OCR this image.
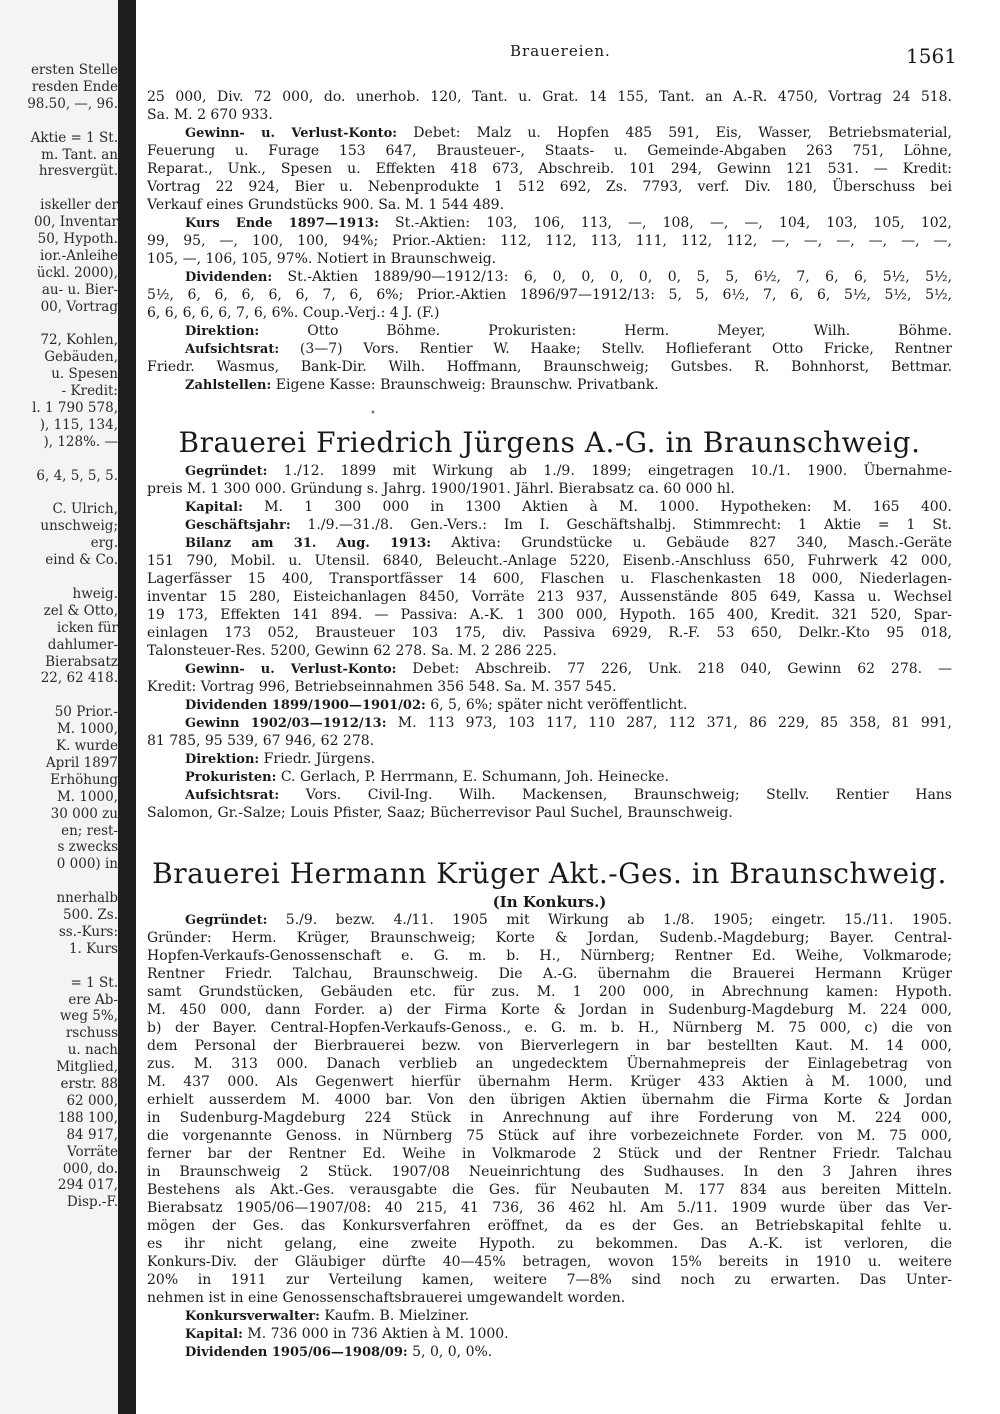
ersten Stelle
resden Ende
98.50, —, 96.
Aktie = 1 St.
m. Tant. an
hresvergüt.
iskeller der
00, Inventar
50, Hypoth.
ior.-Anleihe
ückl. 2000),
au- u. Bier-
00, Vortrag
72, Kohlen,
Gebäuden,
u. Spesen
- Kredit:
l. 1 790 578,
), 115, 134,
), 128%. —
6, 4, 5, 5, 5.
C. Ulrich,
unschweig;
erg.
eind & Co.
hweig.
zel & Otto,
icken für
dahlumer-
Bierabsatz
22, 62 418.
50 Prior.-
M. 1000,
K. wurde
April 1897
Erhöhung
M. 1000,
30 000 zu
en; rest-
s zwecks
0 000) in
nnerhalb
500. Zs.
ss.-Kurs:
1. Kurs
= 1 St.
ere Ab-
weg 5%,
rschuss
u. nach
Mitglied,
erstr. 88
62 000,
188 100,
84 917,
Vorräte
000, do.
294 017,
Disp.-F.
Brauereien.	1561
25 000, Div. 72 000, do. unerhob. 120, Tant. u. Grat. 14 155, Tant. an A.-R. 4750, Vortrag 24 518.
Sa. M. 2 670 933.
Gewinn- u. Verlust-Konto: Debet: Malz u. Hopfen 485 591, Eis, Wasser, Betriebsmaterial,
Feuerung u. Furage 153 647, Brausteuer-, Staats- u. Gemeinde-Abgaben 263 751, Löhne,
Reparat., Unk., Spesen u. Effekten 418 673, Abschreib. 101 294, Gewinn 121 531. — Kredit:
Vortrag 22 924, Bier u. Nebenprodukte 1 512 692, Zs. 7793, verf. Div. 180, Überschuss bei
Verkauf eines Grundstücks 900. Sa. M. 1 544 489.
Kurs Ende 1897—1913: St.-Aktien: 103, 106, 113, —, 108, —, —, 104, 103, 105, 102,
99, 95, —, 100, 100, 94%; Prior.-Aktien: 112, 112, 113, 111, 112, 112, —, —, —, —, —, —,
105, —, 106, 105, 97%. Notiert in Braunschweig.
Dividenden: St.-Aktien 1889/90—1912/13: 6, 0, 0, 0, 0, 0, 5, 5, 6½, 7, 6, 6, 5½, 5½,
5½, 6, 6, 6, 6, 6, 7, 6, 6%; Prior.-Aktien 1896/97—1912/13: 5, 5, 6½, 7, 6, 6, 5½, 5½, 5½,
6, 6, 6, 6, 6, 7, 6, 6%. Coup.-Verj.: 4 J. (F.)
Direktion: Otto Böhme. Prokuristen: Herm. Meyer, Wilh. Böhme.
Aufsichtsrat: (3—7) Vors. Rentier W. Haake; Stellv. Hoflieferant Otto Fricke, Rentner
Friedr. Wasmus, Bank-Dir. Wilh. Hoffmann, Braunschweig; Gutsbes. R. Bohnhorst, Bettmar.
Zahlstellen: Eigene Kasse: Braunschweig: Braunschw. Privatbank.
•
Brauerei Friedrich Jürgens A.-G. in Braunschweig.
Gegründet: 1./12. 1899 mit Wirkung ab 1./9. 1899; eingetragen 10./1. 1900. Übernahme-
preis M. 1 300 000. Gründung s. Jahrg. 1900/1901. Jährl. Bierabsatz ca. 60 000 hl.
Kapital: M. 1 300 000 in 1300 Aktien à M. 1000. Hypotheken: M. 165 400.
Geschäftsjahr: 1./9.—31./8. Gen.-Vers.: Im I. Geschäftshalbj. Stimmrecht: 1 Aktie = 1 St.
Bilanz am 31. Aug. 1913: Aktiva: Grundstücke u. Gebäude 827 340, Masch.-Geräte
151 790, Mobil. u. Utensil. 6840, Beleucht.-Anlage 5220, Eisenb.-Anschluss 650, Fuhrwerk 42 000,
Lagerfässer 15 400, Transportfässer 14 600, Flaschen u. Flaschenkasten 18 000, Niederlagen-
inventar 15 280, Eisteichanlagen 8450, Vorräte 213 937, Aussenstände 805 649, Kassa u. Wechsel
19 173, Effekten 141 894. — Passiva: A.-K. 1 300 000, Hypoth. 165 400, Kredit. 321 520, Spar-
einlagen 173 052, Brausteuer 103 175, div. Passiva 6929, R.-F. 53 650, Delkr.-Kto 95 018,
Talonsteuer-Res. 5200, Gewinn 62 278. Sa. M. 2 286 225.
Gewinn- u. Verlust-Konto: Debet: Abschreib. 77 226, Unk. 218 040, Gewinn 62 278. —
Kredit: Vortrag 996, Betriebseinnahmen 356 548. Sa. M. 357 545.
Dividenden 1899/1900—1901/02: 6, 5, 6%; später nicht veröffentlicht.
Gewinn 1902/03—1912/13: M. 113 973, 103 117, 110 287, 112 371, 86 229, 85 358, 81 991,
81 785, 95 539, 67 946, 62 278.
Direktion: Friedr. Jürgens.
Prokuristen: C. Gerlach, P. Herrmann, E. Schumann, Joh. Heinecke.
Aufsichtsrat: Vors. Civil-Ing. Wilh. Mackensen, Braunschweig; Stellv. Rentier Hans
Salomon, Gr.-Salze; Louis Pfister, Saaz; Bücherrevisor Paul Suchel, Braunschweig.
Brauerei Hermann Krüger Akt.-Ges. in Braunschweig.
(In Konkurs.)
Gegründet: 5./9. bezw. 4./11. 1905 mit Wirkung ab 1./8. 1905; eingetr. 15./11. 1905.
Gründer: Herm. Krüger, Braunschweig; Korte & Jordan, Sudenb.-Magdeburg; Bayer. Central-
Hopfen-Verkaufs-Genossenschaft e. G. m. b. H., Nürnberg; Rentner Ed. Weihe, Volkmarode;
Rentner Friedr. Talchau, Braunschweig. Die A.-G. übernahm die Brauerei Hermann Krüger
samt Grundstücken, Gebäuden etc. für zus. M. 1 200 000, in Abrechnung kamen: Hypoth.
M. 450 000, dann Forder. a) der Firma Korte & Jordan in Sudenburg-Magdeburg M. 224 000,
b) der Bayer. Central-Hopfen-Verkaufs-Genoss., e. G. m. b. H., Nürnberg M. 75 000, c) die von
dem Personal der Bierbrauerei bezw. von Bierverlegern in bar bestellten Kaut. M. 14 000,
zus. M. 313 000. Danach verblieb an ungedecktem Übernahmepreis der Einlagebetrag von
M. 437 000. Als Gegenwert hierfür übernahm Herm. Krüger 433 Aktien à M. 1000, und
erhielt ausserdem M. 4000 bar. Von den übrigen Aktien übernahm die Firma Korte & Jordan
in Sudenburg-Magdeburg 224 Stück in Anrechnung auf ihre Forderung von M. 224 000,
die vorgenannte Genoss. in Nürnberg 75 Stück auf ihre vorbezeichnete Forder. von M. 75 000,
ferner bar der Rentner Ed. Weihe in Volkmarode 2 Stück und der Rentner Friedr. Talchau
in Braunschweig 2 Stück. 1907/08 Neueinrichtung des Sudhauses. In den 3 Jahren ihres
Bestehens als Akt.-Ges. verausgabte die Ges. für Neubauten M. 177 834 aus bereiten Mitteln.
Bierabsatz 1905/06—1907/08: 40 215, 41 736, 36 462 hl. Am 5./11. 1909 wurde über das Ver-
mögen der Ges. das Konkursverfahren eröffnet, da es der Ges. an Betriebskapital fehlte u.
es ihr nicht gelang, eine zweite Hypoth. zu bekommen. Das A.-K. ist verloren, die
Konkurs-Div. der Gläubiger dürfte 40—45% betragen, wovon 15% bereits in 1910 u. weitere
20% in 1911 zur Verteilung kamen, weitere 7—8% sind noch zu erwarten. Das Unter-
nehmen ist in eine Genossenschaftsbrauerei umgewandelt worden.
Konkursverwalter: Kaufm. B. Mielziner.
Kapital: M. 736 000 in 736 Aktien à M. 1000.
Dividenden 1905/06—1908/09: 5, 0, 0, 0%.
